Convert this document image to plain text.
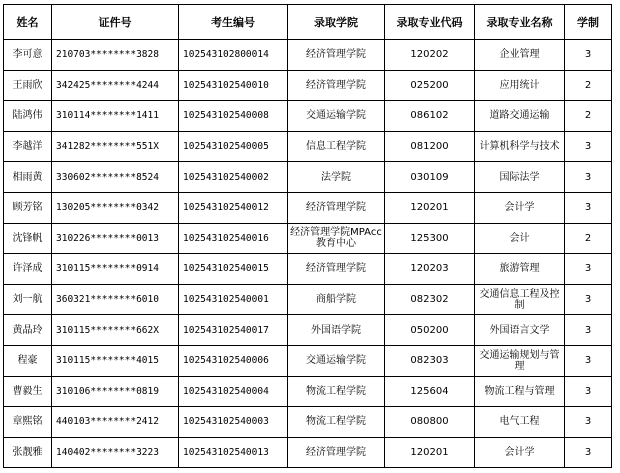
姓名	证件号	考生编号	录取学院	录取专业代码	录取专业名称	学制
李可意	210703********3828	102543102800014	经济管理学院	120202	企业管理	3
王雨欣	342425********4244	102543102540010	经济管理学院	025200	应用统计	2
陆鸿伟	310114********1411	102543102540008	交通运输学院	086102	道路交通运输	2
李越洋	341282********551X	102543102540005	信息工程学院	081200	计算机科学与技术	3
相雨黄	330602********8524	102543102540002	法学院	030109	国际法学	3
顾芳铭	130205********0342	102543102540012	经济管理学院	120201	会计学	3
沈锋帆	310226********0013	102543102540016	经济管理学院MPAcc教育中心	125300	会计	2
许泽成	310115********0914	102543102540015	经济管理学院	120203	旅游管理	3
刘一航	360321********6010	102543102540001	商船学院	082302	交通信息工程及控制	3
黄晶玲	310115********662X	102543102540017	外国语学院	050200	外国语言文学	3
程豪	310115********4015	102543102540006	交通运输学院	082303	交通运输规划与管理	3
曹毅生	310106********0819	102543102540004	物流工程学院	125604	物流工程与管理	3
章熙铭	440103********2412	102543102540003	物流工程学院	080800	电气工程	3
张靓雅	140402********3223	102543102540013	经济管理学院	120201	会计学	3
